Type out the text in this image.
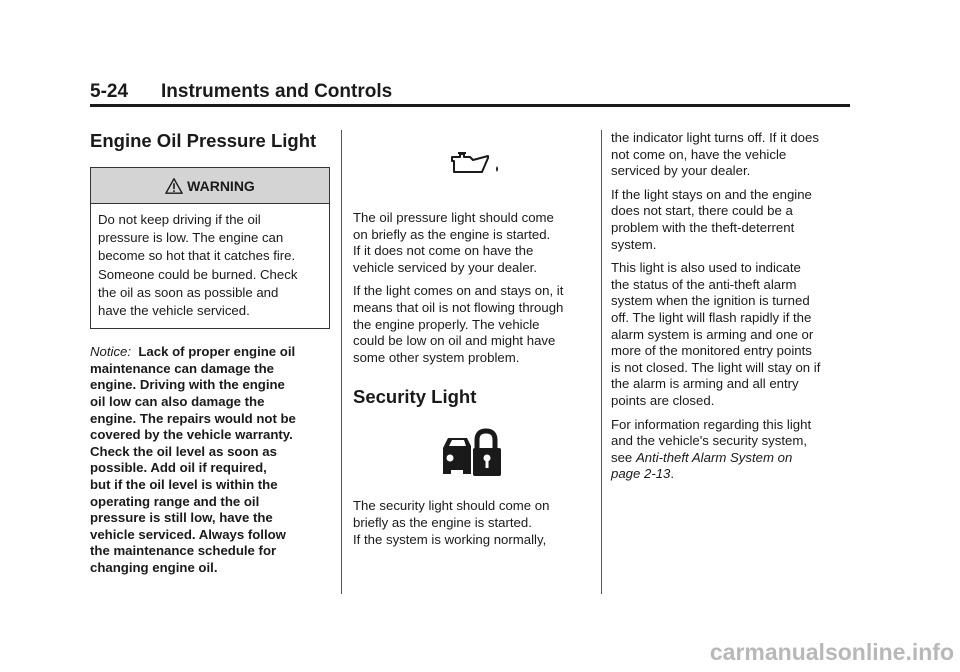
5-24 Instruments and Controls
Engine Oil Pressure Light
WARNING
Do not keep driving if the oil
pressure is low. The engine can
become so hot that it catches fire.
Someone could be burned. Check
the oil as soon as possible and
have the vehicle serviced.
Notice: Lack of proper engine oil
maintenance can damage the
engine. Driving with the engine
oil low can also damage the
engine. The repairs would not be
covered by the vehicle warranty.
Check the oil level as soon as
possible. Add oil if required,
but if the oil level is within the
operating range and the oil
pressure is still low, have the
vehicle serviced. Always follow
the maintenance schedule for
changing engine oil.
The oil pressure light should come
on briefly as the engine is started.
If it does not come on have the
vehicle serviced by your dealer.
If the light comes on and stays on, it
means that oil is not flowing through
the engine properly. The vehicle
could be low on oil and might have
some other system problem.
Security Light
The security light should come on
briefly as the engine is started.
If the system is working normally,
the indicator light turns off. If it does
not come on, have the vehicle
serviced by your dealer.
If the light stays on and the engine
does not start, there could be a
problem with the theft-deterrent
system.
This light is also used to indicate
the status of the anti-theft alarm
system when the ignition is turned
off. The light will flash rapidly if the
alarm system is arming and one or
more of the monitored entry points
is not closed. The light will stay on if
the alarm is arming and all entry
points are closed.
For information regarding this light
and the vehicle's security system,
see Anti-theft Alarm System on
page 2-13.
carmanualsonline.info
